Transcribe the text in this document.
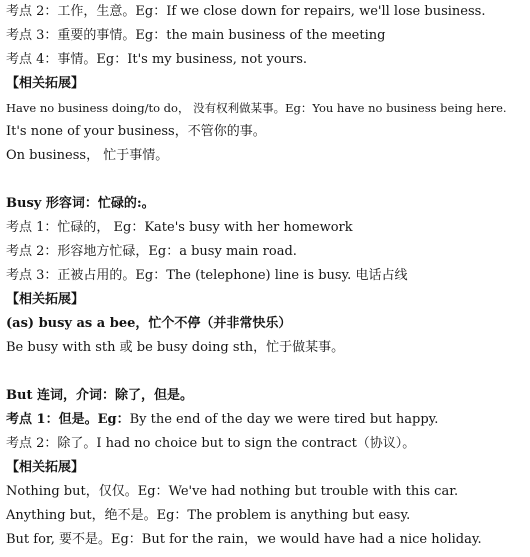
考点 2：工作，生意。Eg：If we close down for repairs, we'll lose business.
考点 3：重要的事情。Eg：the main business of the meeting
考点 4：事情。Eg：It's my business, not yours.
【相关拓展】
Have no business doing/to do， 没有权利做某事。Eg：You have no business being here.
It's none of your business，不管你的事。
On business， 忙于事情。
Busy 形容词：忙碌的:。
考点 1：忙碌的， Eg：Kate's busy with her homework
考点 2：形容地方忙碌，Eg：a busy main road.
考点 3：正被占用的。Eg：The (telephone) line is busy. 电话占线
【相关拓展】
(as) busy as a bee，忙个不停（并非常快乐）
Be busy with sth 或 be busy doing sth，忙于做某事。
But 连词，介词：除了，但是。
考点 1：但是。Eg：By the end of the day we were tired but happy.
考点 2：除了。I had no choice but to sign the contract（协议）。
【相关拓展】
Nothing but，仅仅。Eg：We've had nothing but trouble with this car.
Anything but，绝不是。Eg：The problem is anything but easy.
But for, 要不是。Eg：But for the rain，we would have had a nice holiday.
